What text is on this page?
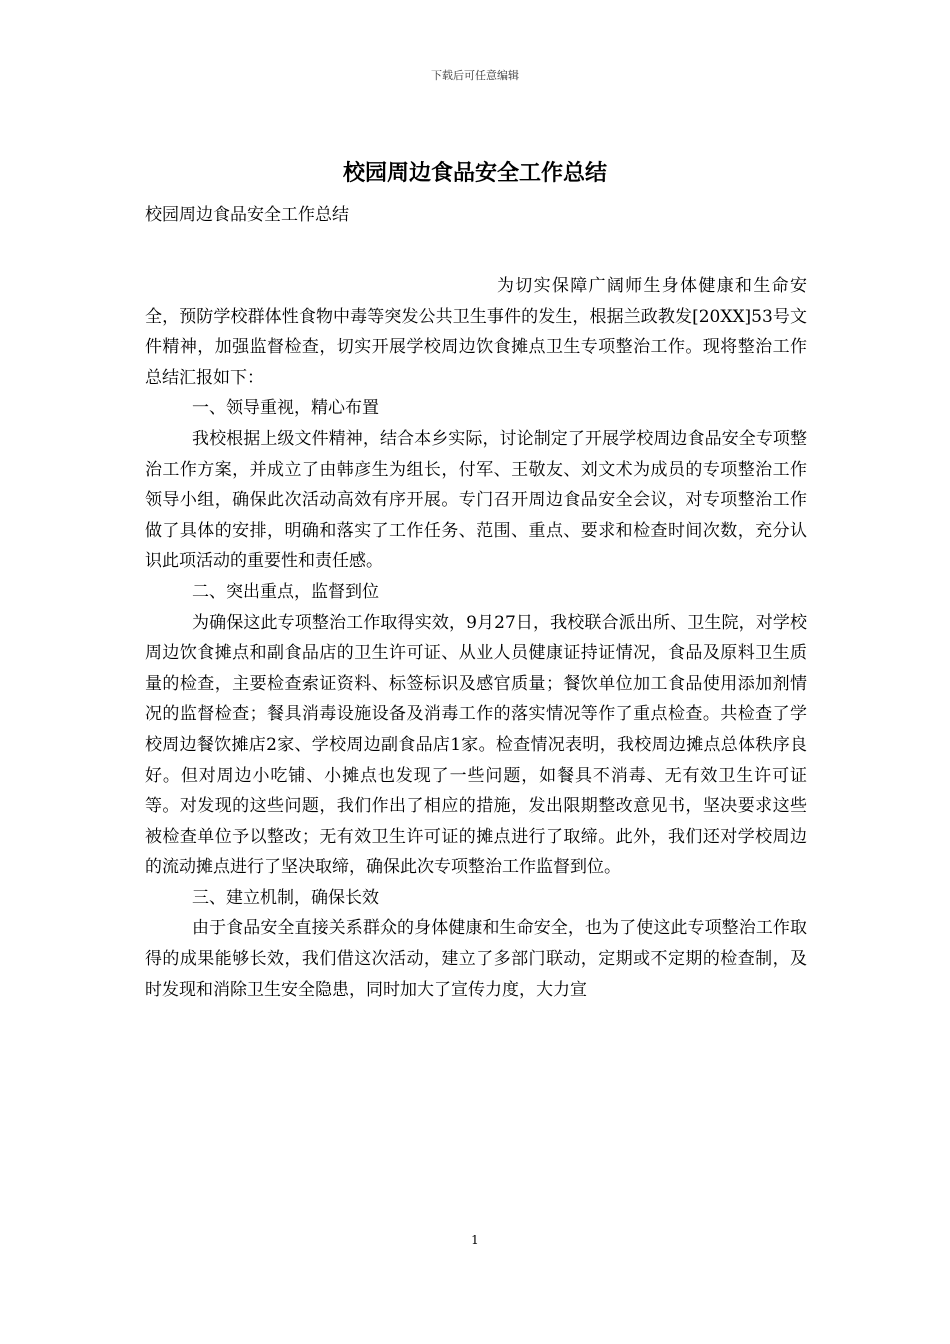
下载后可任意编辑
校园周边食品安全工作总结

校园周边食品安全工作总结

为切实保障广阔师生身体健康和生命安全，预防学校群体性食物中毒等突发公共卫生事件的发生，根据兰政教发[20XX]53号文件精神，加强监督检查，切实开展学校周边饮食摊点卫生专项整治工作。现将整治工作总结汇报如下：

一、领导重视，精心布置

我校根据上级文件精神，结合本乡实际，讨论制定了开展学校周边食品安全专项整治工作方案，并成立了由韩彦生为组长，付军、王敬友、刘文术为成员的专项整治工作领导小组，确保此次活动高效有序开展。专门召开周边食品安全会议，对专项整治工作做了具体的安排，明确和落实了工作任务、范围、重点、要求和检查时间次数，充分认识此项活动的重要性和责任感。

二、突出重点，监督到位

为确保这此专项整治工作取得实效，9月27日，我校联合派出所、卫生院，对学校周边饮食摊点和副食品店的卫生许可证、从业人员健康证持证情况，食品及原料卫生质量的检查，主要检查索证资料、标签标识及感官质量；餐饮单位加工食品使用添加剂情况的监督检查；餐具消毒设施设备及消毒工作的落实情况等作了重点检查。共检查了学校周边餐饮摊店2家、学校周边副食品店1家。检查情况表明，我校周边摊点总体秩序良好。但对周边小吃铺、小摊点也发现了一些问题，如餐具不消毒、无有效卫生许可证等。对发现的这些问题，我们作出了相应的措施，发出限期整改意见书，坚决要求这些被检查单位予以整改；无有效卫生许可证的摊点进行了取缔。此外，我们还对学校周边的流动摊点进行了坚决取缔，确保此次专项整治工作监督到位。

三、建立机制，确保长效

由于食品安全直接关系群众的身体健康和生命安全，也为了使这此专项整治工作取得的成果能够长效，我们借这次活动，建立了多部门联动，定期或不定期的检查制，及时发现和消除卫生安全隐患，同时加大了宣传力度，大力宣

1
